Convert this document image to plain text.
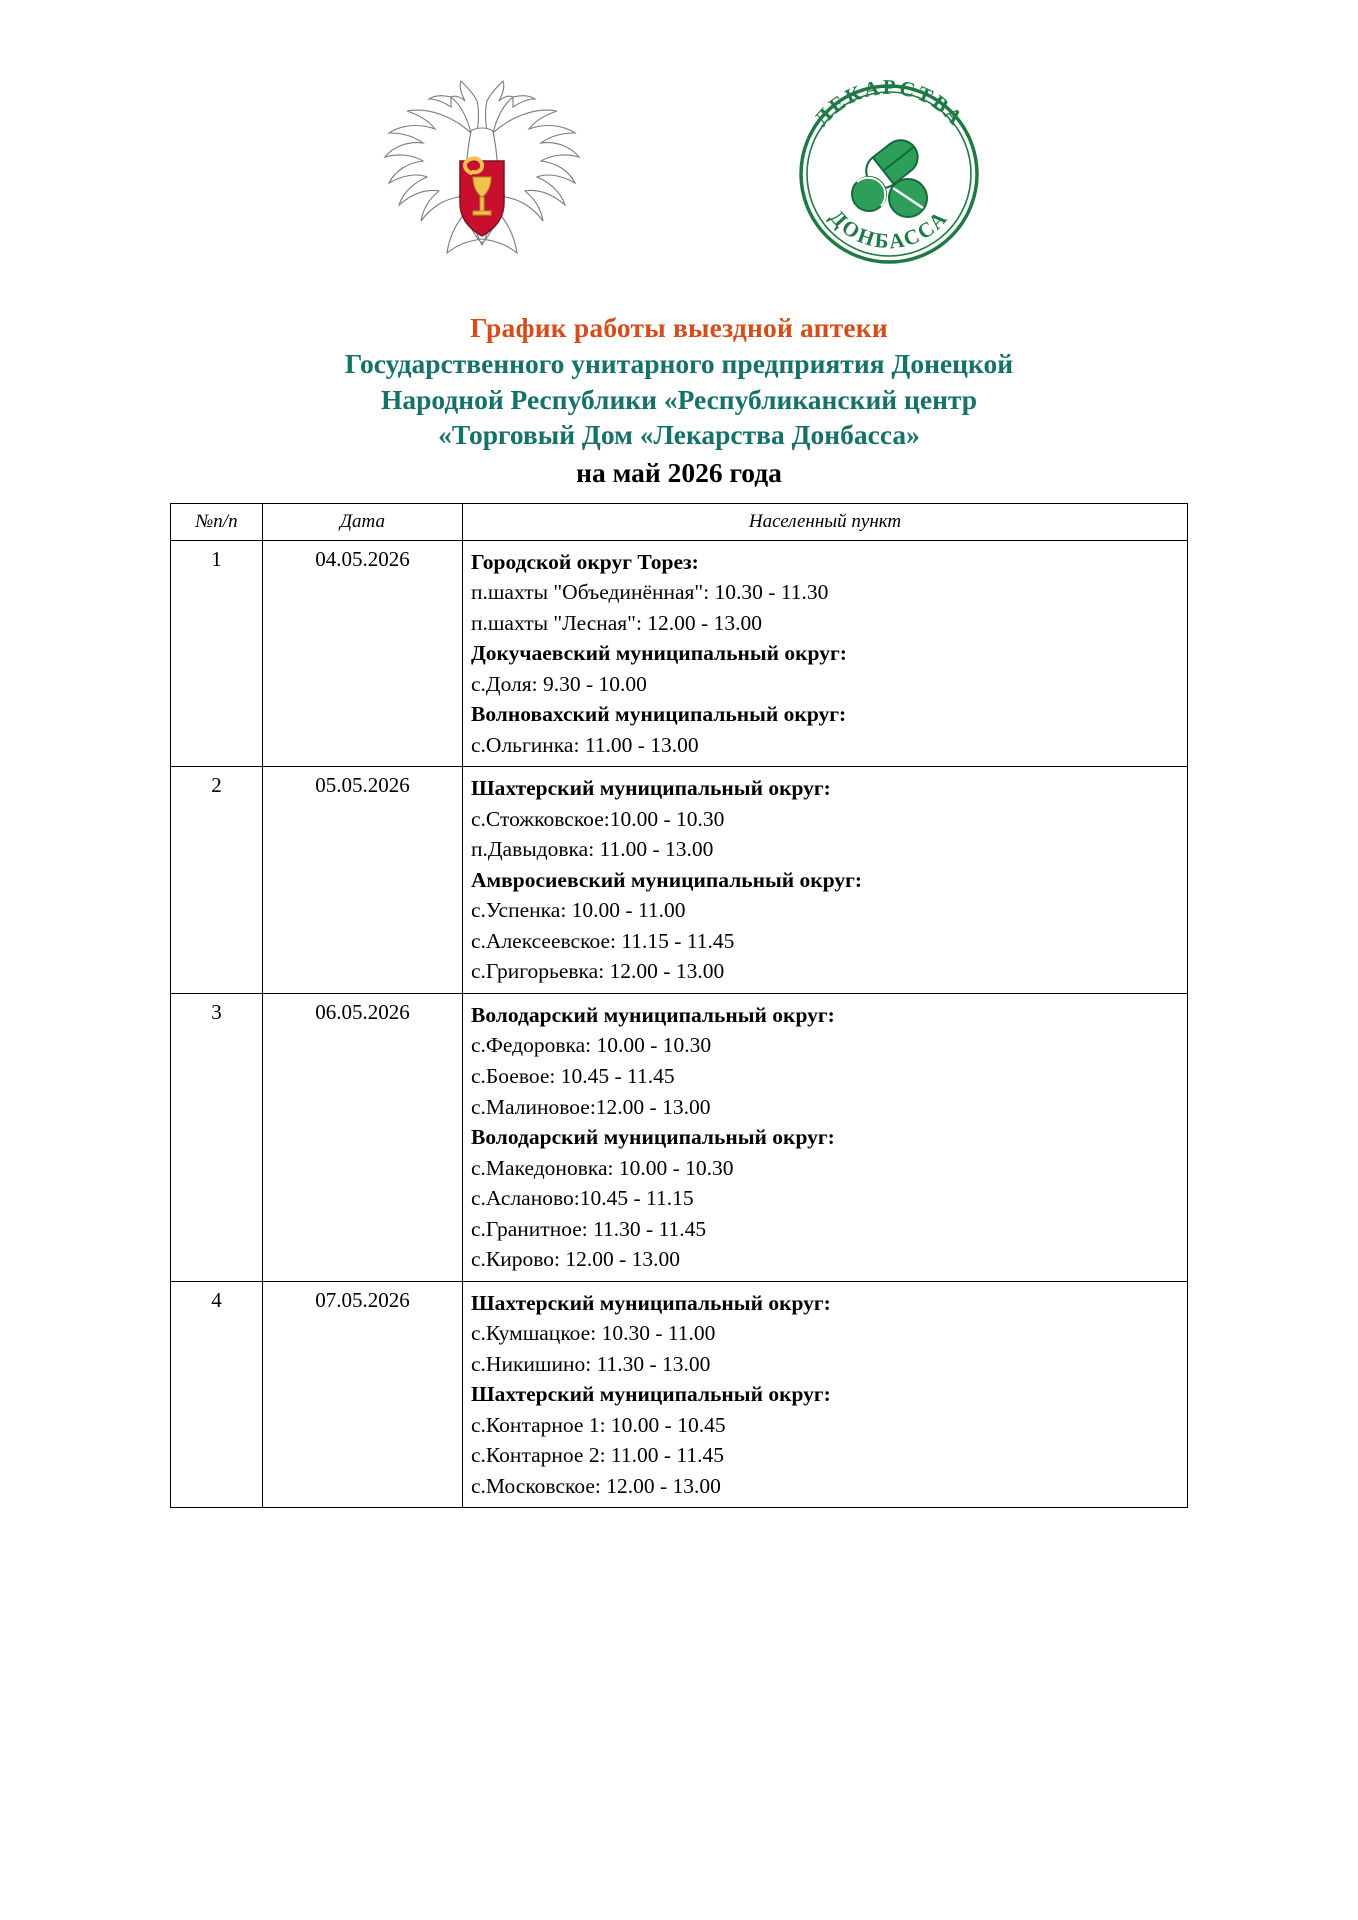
ЛЕКАРСТВА
ДОНБАССА
График работы выездной аптеки
Государственного унитарного предприятия Донецкой
Народной Республики «Республиканский центр
«Торговый Дом «Лекарства Донбасса»
на май 2026 года
№п/п	Дата	Населенный пункт
1	04.05.2026	Городской округ Торез:
п.шахты "Объединённая": 10.30 - 11.30
п.шахты "Лесная": 12.00 - 13.00
Докучаевский муниципальный округ:
с.Доля: 9.30 - 10.00
Волновахский муниципальный округ:
с.Ольгинка: 11.00 - 13.00

2	05.05.2026	Шахтерский муниципальный округ:
с.Стожковское:10.00 - 10.30
п.Давыдовка: 11.00 - 13.00
Амвросиевский муниципальный округ:
с.Успенка: 10.00 - 11.00
с.Алексеевское: 11.15 - 11.45
с.Григорьевка: 12.00 - 13.00

3	06.05.2026	Володарский муниципальный округ:
с.Федоровка: 10.00 - 10.30
с.Боевое: 10.45 - 11.45
с.Малиновое:12.00 - 13.00
Володарский муниципальный округ:
с.Македоновка: 10.00 - 10.30
с.Асланово:10.45 - 11.15
с.Гранитное: 11.30 - 11.45
с.Кирово: 12.00 - 13.00

4	07.05.2026	Шахтерский муниципальный округ:
с.Кумшацкое: 10.30 - 11.00
с.Никишино: 11.30 - 13.00
Шахтерский муниципальный округ:
с.Контарное 1: 10.00 - 10.45
с.Контарное 2: 11.00 - 11.45
с.Московское: 12.00 - 13.00
